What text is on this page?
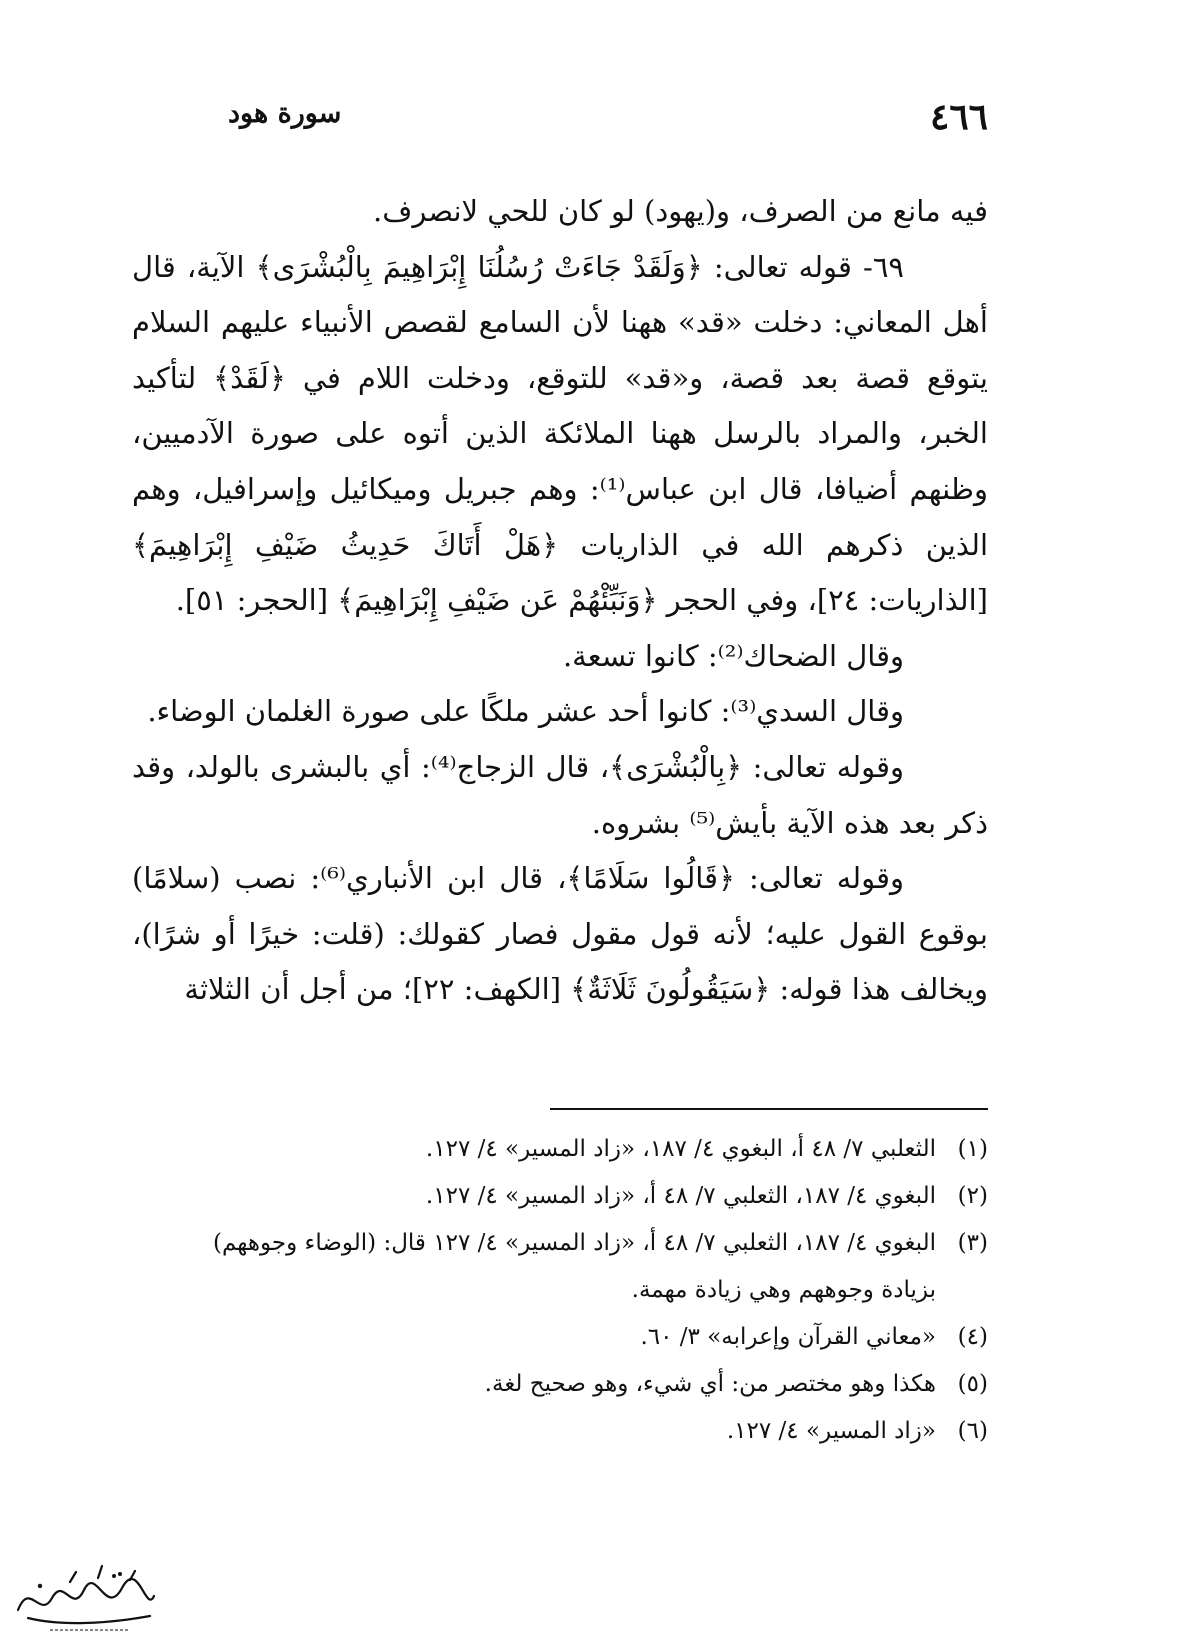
٤٦٦
سورة هود

فيه مانع من الصرف، و(يهود) لو كان للحي لانصرف.

٦٩- قوله تعالى: ﴿وَلَقَدْ جَاءَتْ رُسُلُنَا إِبْرَاهِيمَ بِالْبُشْرَى﴾ الآية، قال أهل المعاني: دخلت «قد» ههنا لأن السامع لقصص الأنبياء عليهم السلام يتوقع قصة بعد قصة، و«قد» للتوقع، ودخلت اللام في ﴿لَقَدْ﴾ لتأكيد الخبر، والمراد بالرسل ههنا الملائكة الذين أتوه على صورة الآدميين، وظنهم أضيافا، قال ابن عباس⁽¹⁾: وهم جبريل وميكائيل وإسرافيل، وهم الذين ذكرهم الله في الذاريات ﴿هَلْ أَتَاكَ حَدِيثُ ضَيْفِ إِبْرَاهِيمَ﴾ [الذاريات: ٢٤]، وفي الحجر ﴿وَنَبِّئْهُمْ عَن ضَيْفِ إِبْرَاهِيمَ﴾ [الحجر: ٥١].

وقال الضحاك⁽²⁾: كانوا تسعة.

وقال السدي⁽³⁾: كانوا أحد عشر ملكًا على صورة الغلمان الوضاء.

وقوله تعالى: ﴿بِالْبُشْرَى﴾، قال الزجاج⁽⁴⁾: أي بالبشرى بالولد، وقد ذكر بعد هذه الآية بأيش⁽⁵⁾ بشروه.

وقوله تعالى: ﴿قَالُوا سَلَامًا﴾، قال ابن الأنباري⁽⁶⁾: نصب (سلامًا) بوقوع القول عليه؛ لأنه قول مقول فصار كقولك: (قلت: خيرًا أو شرًا)، ويخالف هذا قوله: ﴿سَيَقُولُونَ ثَلَاثَةٌ﴾ [الكهف: ٢٢]؛ من أجل أن الثلاثة

(١)
الثعلبي ٧/ ٤٨ أ، البغوي ٤/ ١٨٧، «زاد المسير» ٤/ ١٢٧.
(٢)
البغوي ٤/ ١٨٧، الثعلبي ٧/ ٤٨ أ، «زاد المسير» ٤/ ١٢٧.
(٣)
البغوي ٤/ ١٨٧، الثعلبي ٧/ ٤٨ أ، «زاد المسير» ٤/ ١٢٧ قال: (الوضاء وجوههم)
بزيادة وجوههم وهي زيادة مهمة.
(٤)
«معاني القرآن وإعرابه» ٣/ ٦٠.
(٥)
هكذا وهو مختصر من: أي شيء، وهو صحيح لغة.
(٦)
«زاد المسير» ٤/ ١٢٧.
